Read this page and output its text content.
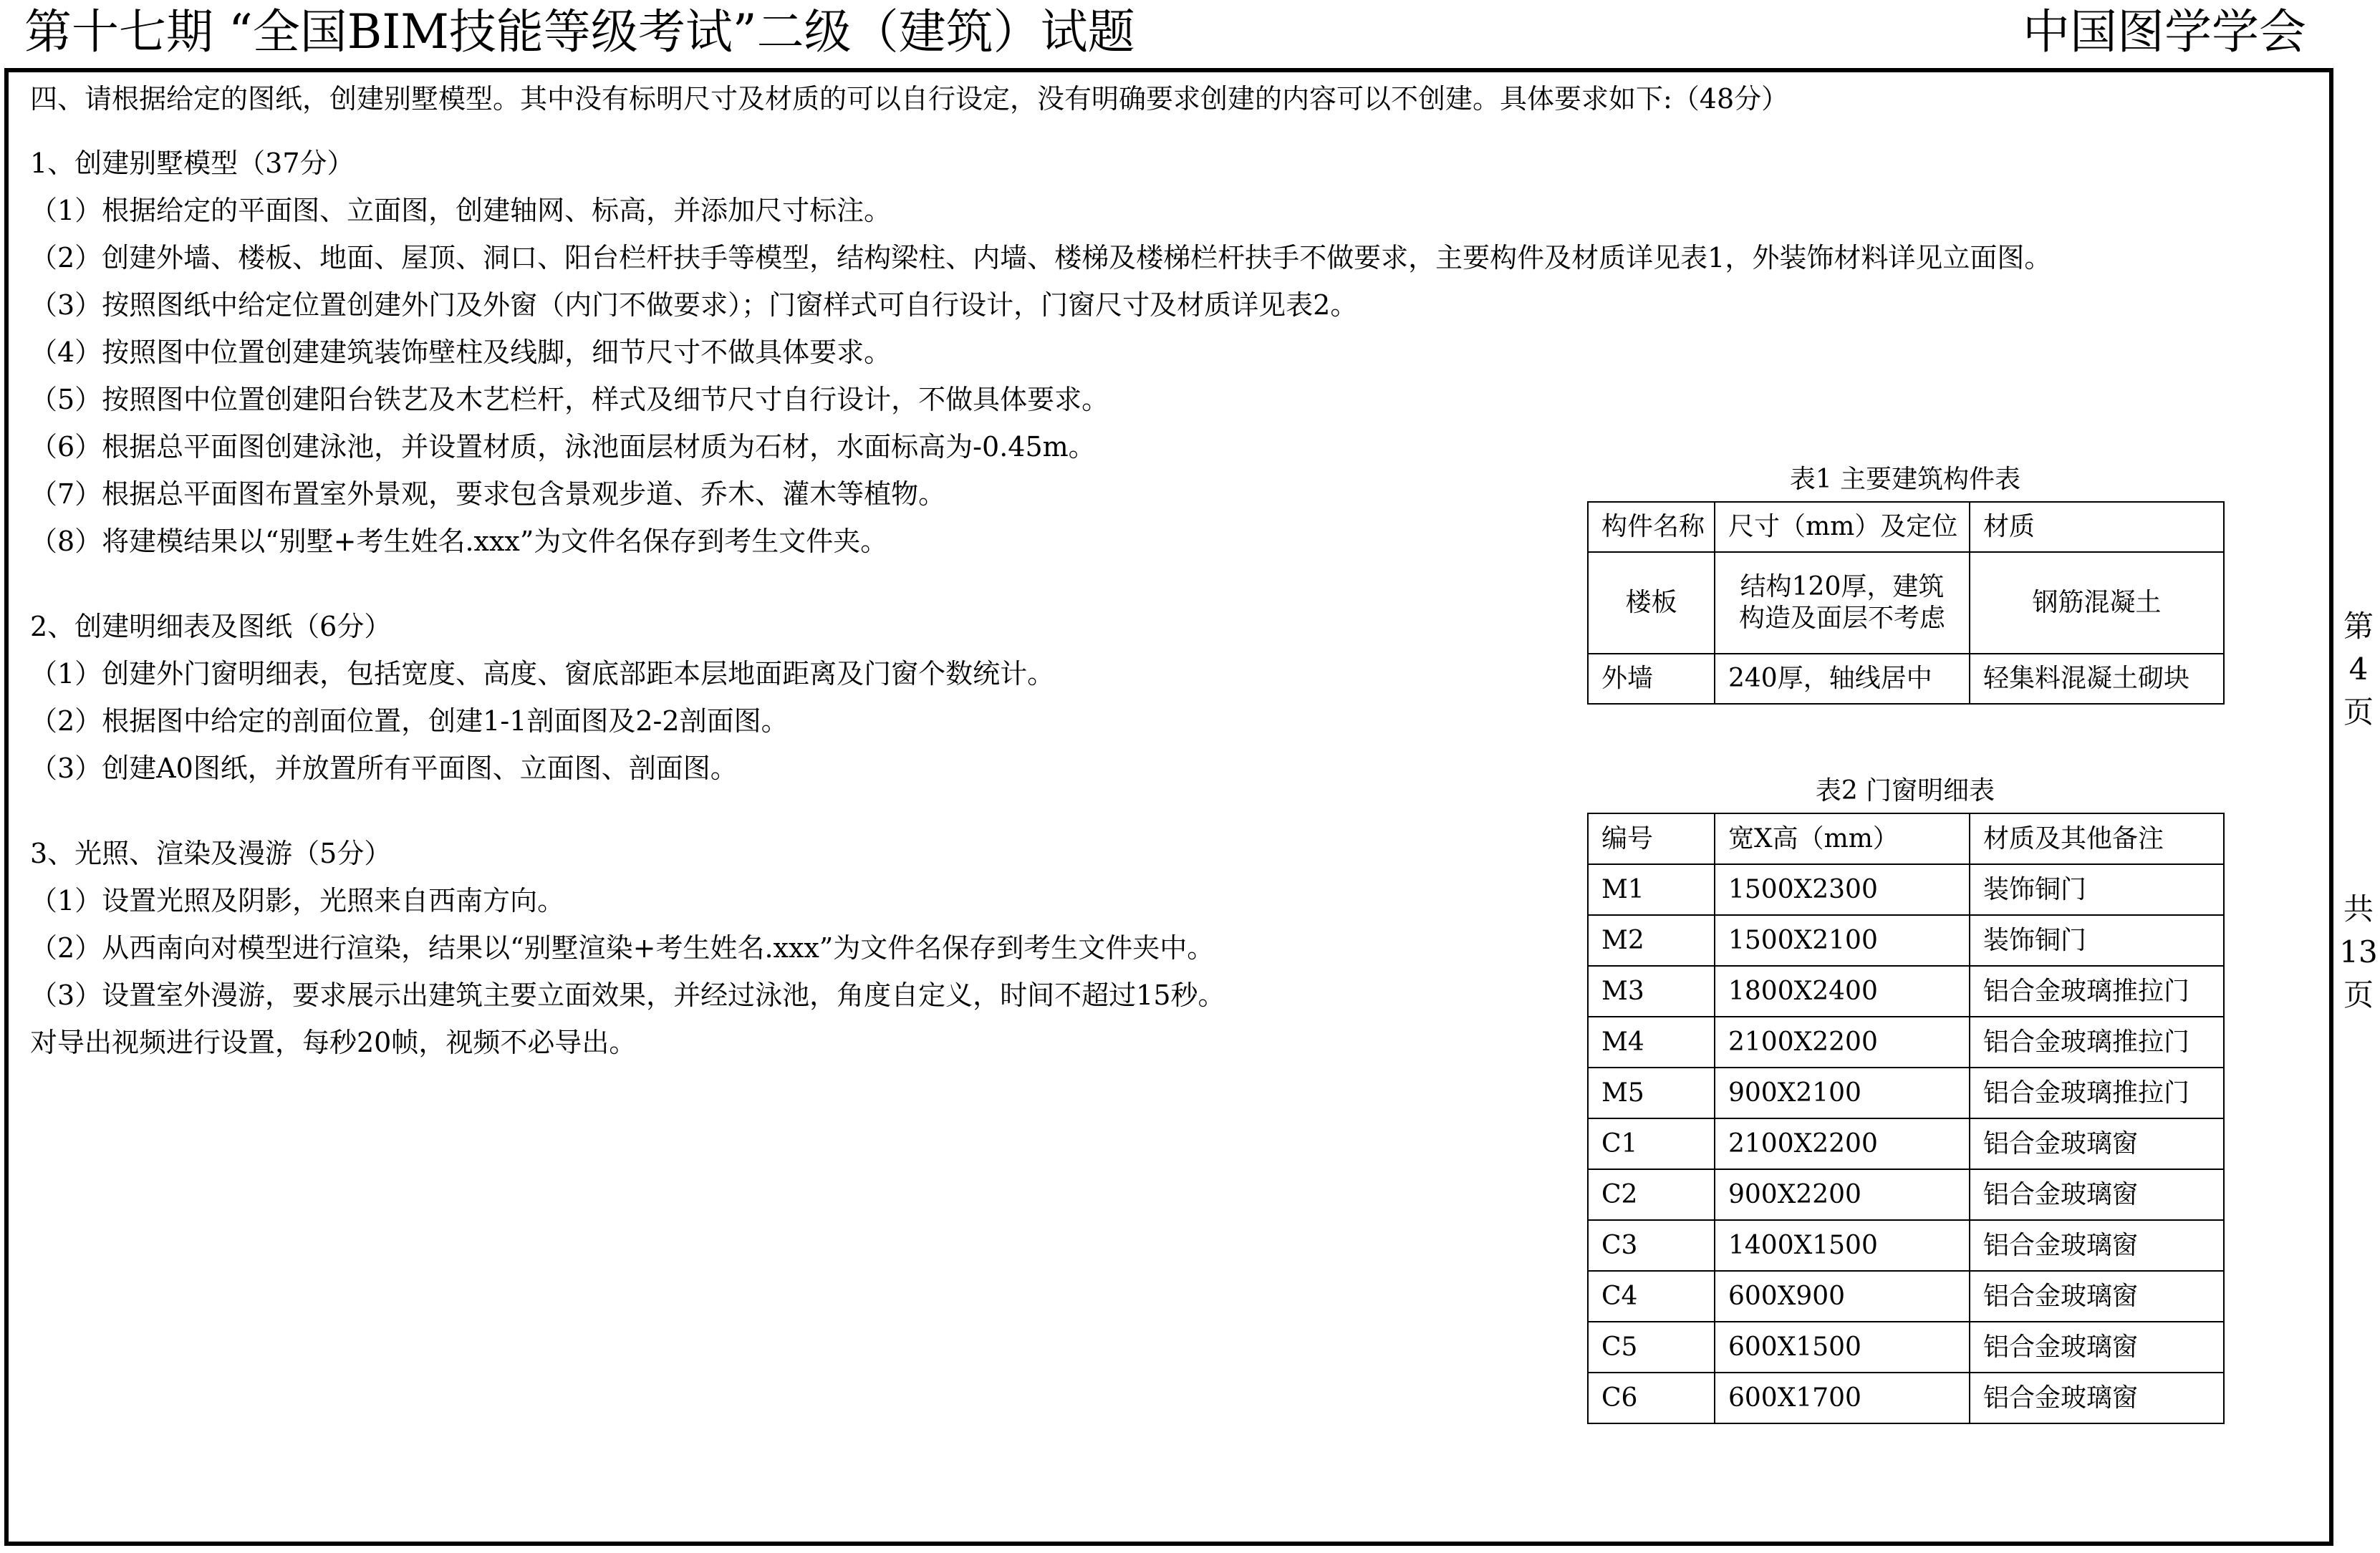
第十七期 “全国BIM技能等级考试”二级（建筑）试题	中国图学学会
四、请根据给定的图纸，创建别墅模型。其中没有标明尺寸及材质的可以自行设定，没有明确要求创建的内容可以不创建。具体要求如下:（48分）
1、创建别墅模型（37分）
（1）根据给定的平面图、立面图，创建轴网、标高，并添加尺寸标注。
（2）创建外墙、楼板、地面、屋顶、洞口、阳台栏杆扶手等模型，结构梁柱、内墙、楼梯及楼梯栏杆扶手不做要求，主要构件及材质详见表1，外装饰材料详见立面图。
（3）按照图纸中给定位置创建外门及外窗（内门不做要求）；门窗样式可自行设计，门窗尺寸及材质详见表2。
（4）按照图中位置创建建筑装饰壁柱及线脚，细节尺寸不做具体要求。
（5）按照图中位置创建阳台铁艺及木艺栏杆，样式及细节尺寸自行设计，不做具体要求。
（6）根据总平面图创建泳池，并设置材质，泳池面层材质为石材，水面标高为-0.45m。
（7）根据总平面图布置室外景观，要求包含景观步道、乔木、灌木等植物。
（8）将建模结果以“别墅+考生姓名.xxx”为文件名保存到考生文件夹。
2、创建明细表及图纸（6分）
（1）创建外门窗明细表，包括宽度、高度、窗底部距本层地面距离及门窗个数统计。
（2）根据图中给定的剖面位置，创建1-1剖面图及2-2剖面图。
（3）创建A0图纸，并放置所有平面图、立面图、剖面图。
3、光照、渲染及漫游（5分）
（1）设置光照及阴影，光照来自西南方向。
（2）从西南向对模型进行渲染，结果以“别墅渲染+考生姓名.xxx”为文件名保存到考生文件夹中。
（3）设置室外漫游，要求展示出建筑主要立面效果，并经过泳池，角度自定义，时间不超过15秒。
对导出视频进行设置，每秒20帧，视频不必导出。
表1 主要建筑构件表
构件名称	尺寸（mm）及定位	材质
楼板	结构120厚，建筑构造及面层不考虑	钢筋混凝土
外墙	240厚，轴线居中	轻集料混凝土砌块
表2 门窗明细表
编号	宽X高（mm）	材质及其他备注
M1	1500X2300	装饰铜门
M2	1500X2100	装饰铜门
M3	1800X2400	铝合金玻璃推拉门
M4	2100X2200	铝合金玻璃推拉门
M5	900X2100	铝合金玻璃推拉门
C1	2100X2200	铝合金玻璃窗
C2	900X2200	铝合金玻璃窗
C3	1400X1500	铝合金玻璃窗
C4	600X900	铝合金玻璃窗
C5	600X1500	铝合金玻璃窗
C6	600X1700	铝合金玻璃窗
第
4
页
共
13
页
